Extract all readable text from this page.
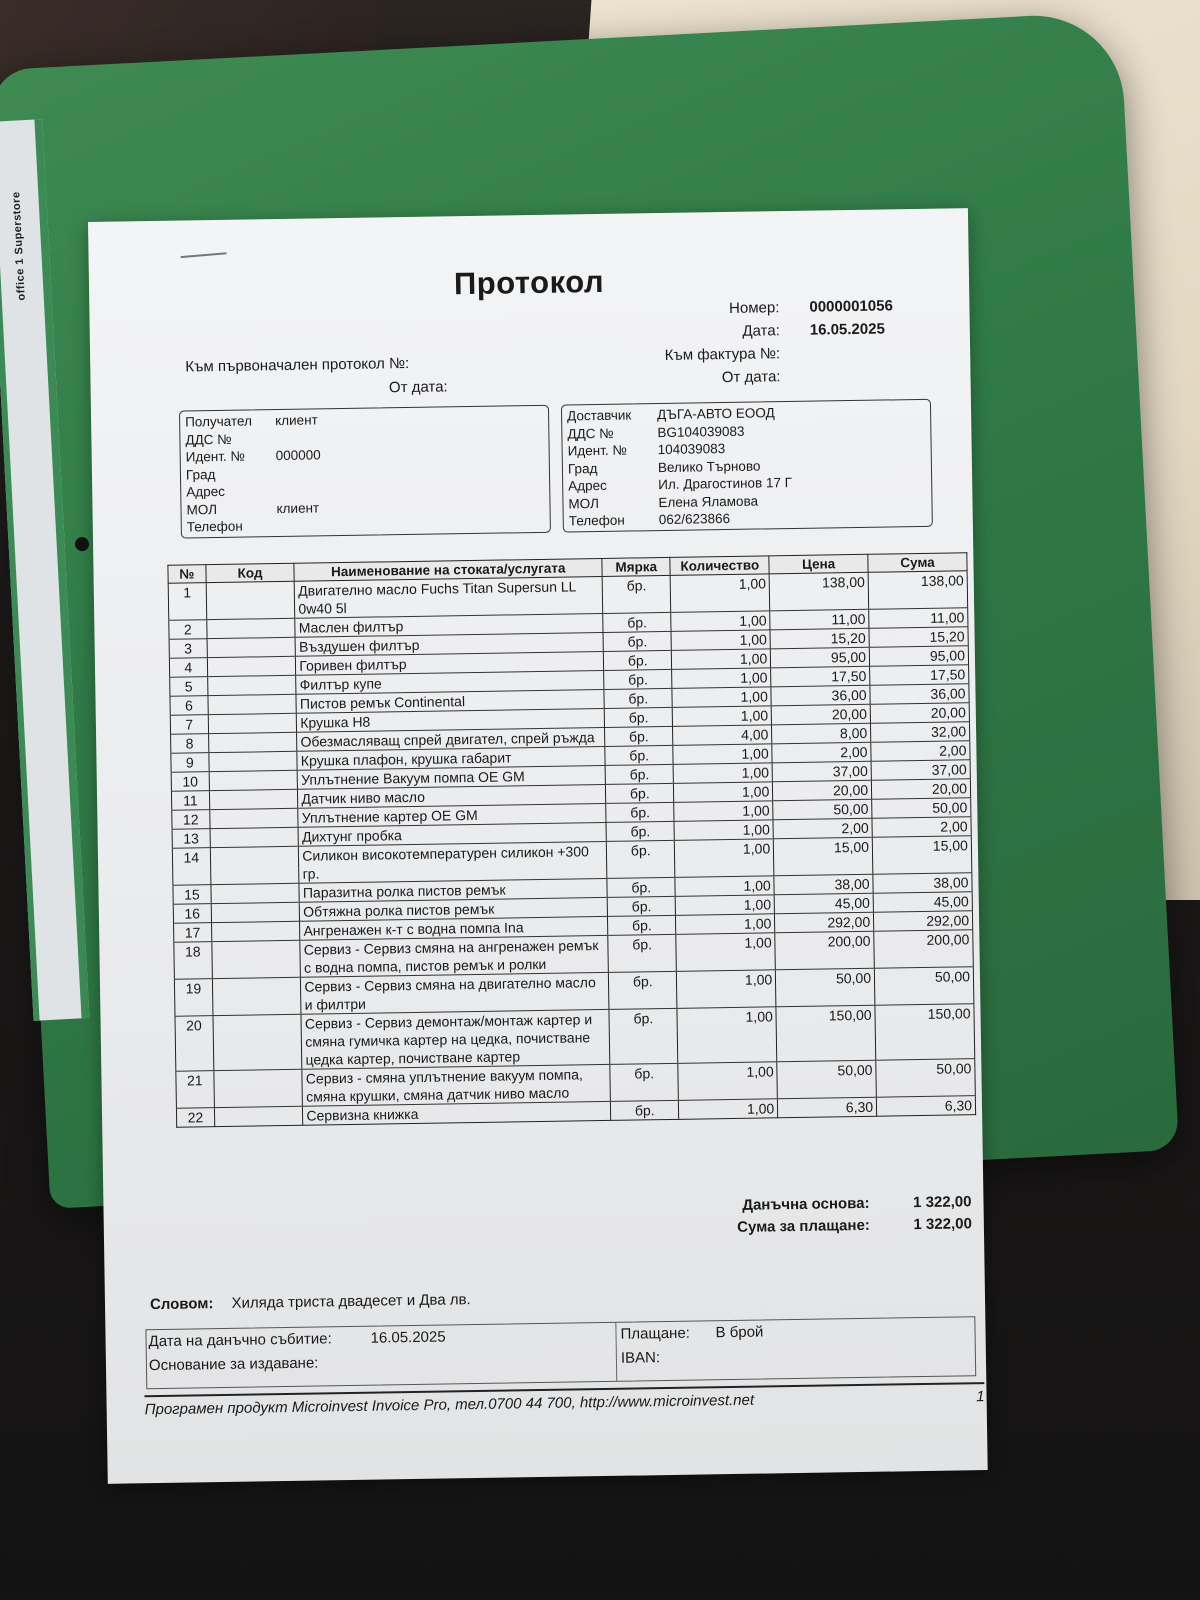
office 1 Superstore	Протокол
Номер: 0000001056
Дата: 16.05.2025
Към фактура №:
От дата:
Към първоначален протокол №:
От дата:
Получател	клиент
ДДС №
Идент. №	000000
Град
Адрес
МОЛ	клиент
Телефон
Доставчик	ДЪГА-АВТО ЕООД
ДДС №	BG104039083
Идент. №	104039083
Град	Велико Търново
Адрес	Ил. Драгостинов 17 Г
МОЛ	Елена Яламова
Телефон	062/623866
№	Код	Наименование на стоката/услугата	Мярка	Количество	Цена	Сума
1		Двигателно масло Fuchs Titan Supersun LL 0w40 5l	бр.	1,00	138,00	138,00
2		Маслен филтър	бр.	1,00	11,00	11,00
3		Въздушен филтър	бр.	1,00	15,20	15,20
4		Горивен филтър	бр.	1,00	95,00	95,00
5		Филтър купе	бр.	1,00	17,50	17,50
6		Пистов ремък Continental	бр.	1,00	36,00	36,00
7		Крушка H8	бр.	1,00	20,00	20,00
8		Обезмасляващ спрей двигател, спрей ръжда	бр.	4,00	8,00	32,00
9		Крушка плафон, крушка габарит	бр.	1,00	2,00	2,00
10		Уплътнение Вакуум помпа OE GM	бр.	1,00	37,00	37,00
11		Датчик ниво масло	бр.	1,00	20,00	20,00
12		Уплътнение картер OE GM	бр.	1,00	50,00	50,00
13		Дихтунг пробка	бр.	1,00	2,00	2,00
14		Силикон високотемпературен силикон +300 гр.	бр.	1,00	15,00	15,00
15		Паразитна ролка пистов ремък	бр.	1,00	38,00	38,00
16		Обтяжна ролка пистов ремък	бр.	1,00	45,00	45,00
17		Ангренажен к-т с водна помпа Ina	бр.	1,00	292,00	292,00
18		Сервиз - Сервиз смяна на ангренажен ремък с водна помпа, пистов ремък и ролки	бр.	1,00	200,00	200,00
19		Сервиз - Сервиз смяна на двигателно масло и филтри	бр.	1,00	50,00	50,00
20		Сервиз - Сервиз демонтаж/монтаж картер и смяна гумичка картер на цедка, почистване цедка картер, почистване картер	бр.	1,00	150,00	150,00
21		Сервиз - смяна уплътнение вакуум помпа, смяна крушки, смяна датчик ниво масло	бр.	1,00	50,00	50,00
22		Сервизна книжка	бр.	1,00	6,30	6,30
Данъчна основа:	1 322,00
Сума за плащане:	1 322,00
Словом: Хиляда триста двадесет и Два лв.
Дата на данъчно събитие:	16.05.2025
Основание за издаване:
Плащане:	В брой
IBAN:
Програмен продукт Microinvest Invoice Pro, тел.0700 44 700, http://www.microinvest.net	1
